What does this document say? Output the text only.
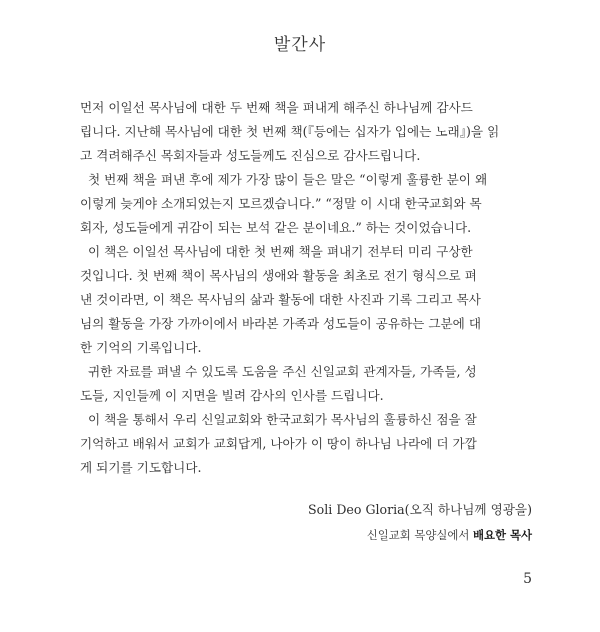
발간사
먼저 이일선 목사님에 대한 두 번째 책을 펴내게 해주신 하나님께 감사드
립니다. 지난해 목사님에 대한 첫 번째 책(『등에는 십자가 입에는 노래』)을 읽
고 격려해주신 목회자들과 성도들께도 진심으로 감사드립니다.
첫 번째 책을 펴낸 후에 제가 가장 많이 들은 말은 “이렇게 훌륭한 분이 왜
이렇게 늦게야 소개되었는지 모르겠습니다.” “정말 이 시대 한국교회와 목
회자, 성도들에게 귀감이 되는 보석 같은 분이네요.” 하는 것이었습니다.
이 책은 이일선 목사님에 대한 첫 번째 책을 펴내기 전부터 미리 구상한
것입니다. 첫 번째 책이 목사님의 생애와 활동을 최초로 전기 형식으로 펴
낸 것이라면, 이 책은 목사님의 삶과 활동에 대한 사진과 기록 그리고 목사
님의 활동을 가장 가까이에서 바라본 가족과 성도들이 공유하는 그분에 대
한 기억의 기록입니다.
귀한 자료를 펴낼 수 있도록 도움을 주신 신일교회 관계자들, 가족들, 성
도들, 지인들께 이 지면을 빌려 감사의 인사를 드립니다.
이 책을 통해서 우리 신일교회와 한국교회가 목사님의 훌륭하신 점을 잘
기억하고 배워서 교회가 교회답게, 나아가 이 땅이 하나님 나라에 더 가깝
게 되기를 기도합니다.
Soli Deo Gloria(오직 하나님께 영광을)
신일교회 목양실에서 배요한 목사
5
